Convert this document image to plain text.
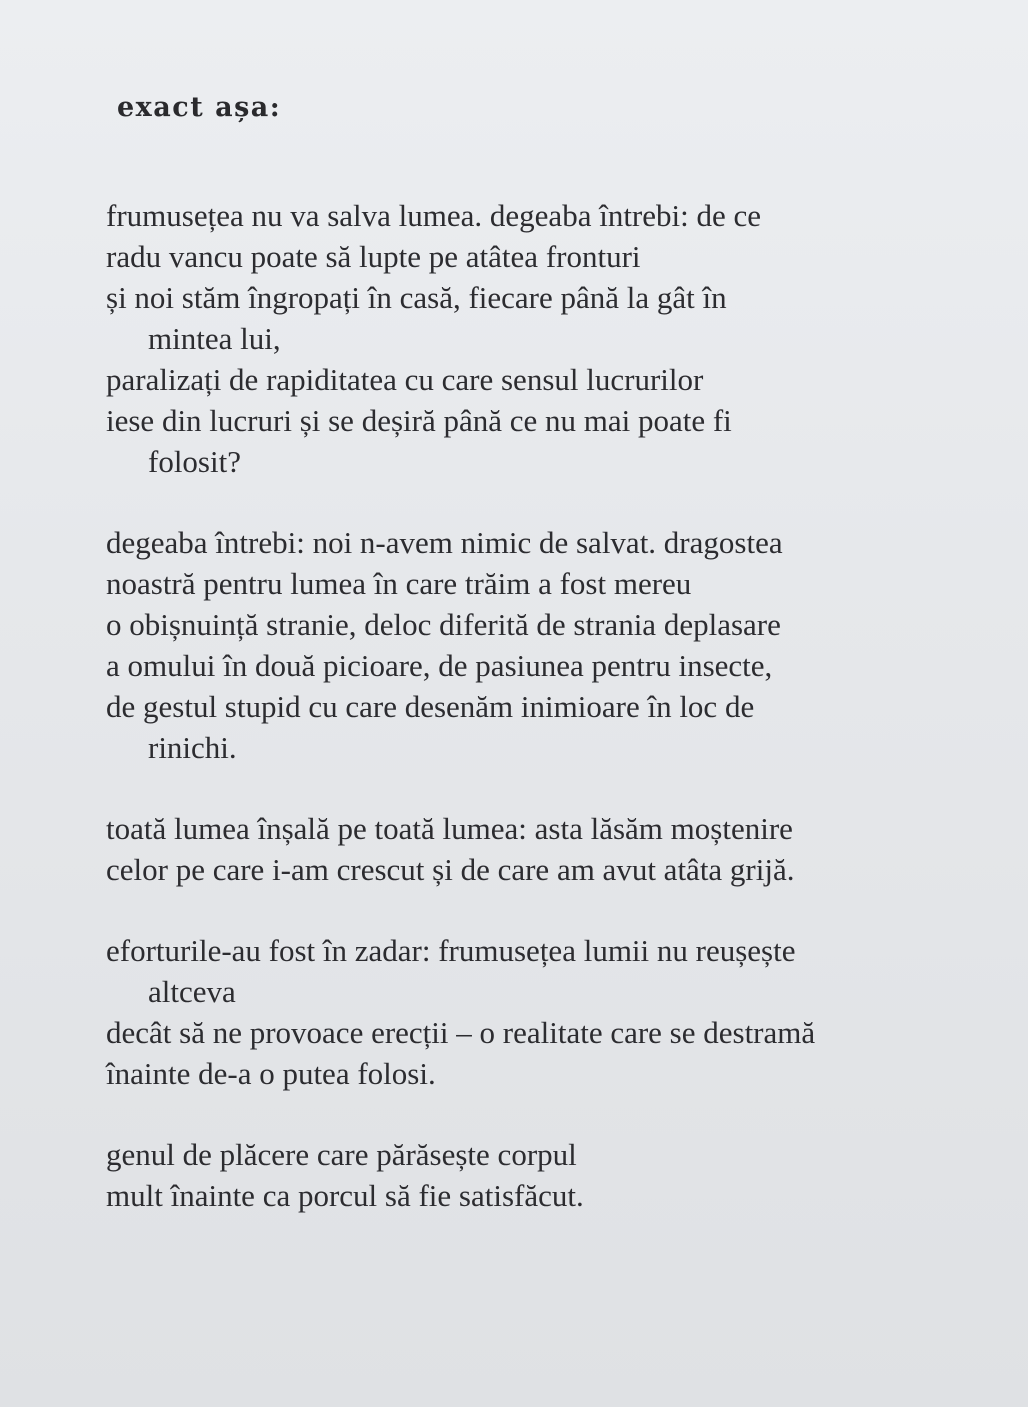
exact așa:
frumusețea nu va salva lumea. degeaba întrebi: de ce
radu vancu poate să lupte pe atâtea fronturi
și noi stăm îngropați în casă, fiecare până la gât în
mintea lui,
paralizați de rapiditatea cu care sensul lucrurilor
iese din lucruri și se deșiră până ce nu mai poate fi
folosit?
degeaba întrebi: noi n-avem nimic de salvat. dragostea
noastră pentru lumea în care trăim a fost mereu
o obișnuință stranie, deloc diferită de strania deplasare
a omului în două picioare, de pasiunea pentru insecte,
de gestul stupid cu care desenăm inimioare în loc de
rinichi.
toată lumea înșală pe toată lumea: asta lăsăm moștenire
celor pe care i-am crescut și de care am avut atâta grijă.
eforturile-au fost în zadar: frumusețea lumii nu reușește
altceva
decât să ne provoace erecții – o realitate care se destramă
înainte de-a o putea folosi.
genul de plăcere care părăsește corpul
mult înainte ca porcul să fie satisfăcut.
